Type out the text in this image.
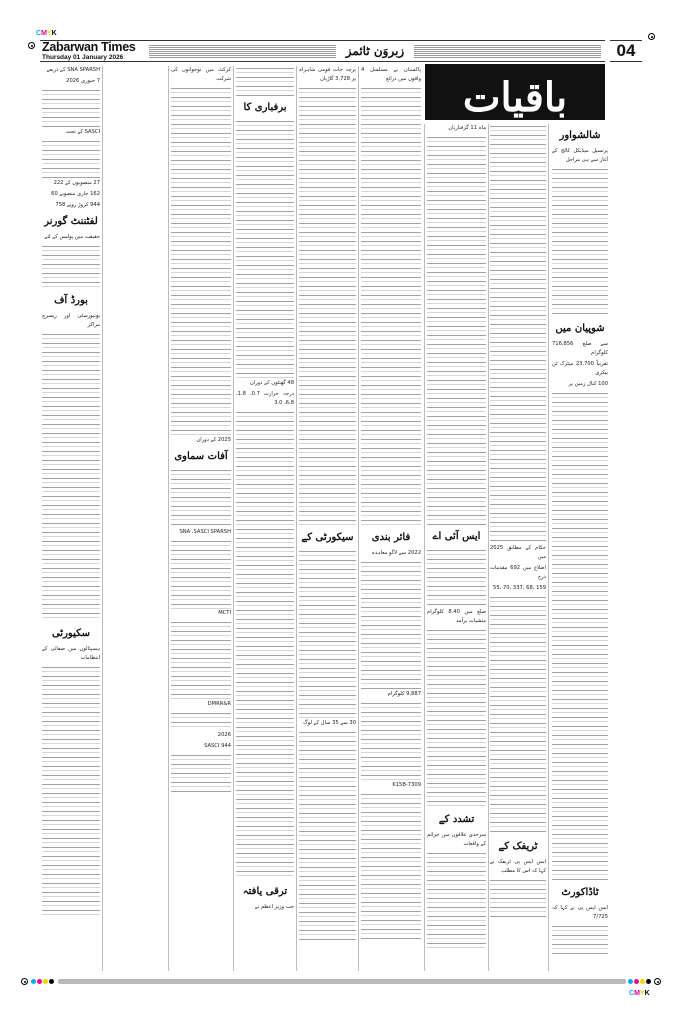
CMYK
Zabarwan Times
Thursday 01 January 2026	زبروَن ٹائمز	04
باقیات
شالشواور

پرنسپل میڈیکل کالج کے آغاز سے ہی مراحل

شوپیان میں

سے ضلع 716,856 کلوگرام

تقریباً 23,700 میٹرک ٹن بیکری

100 کنال زمین پر

ٹاڈاکورٹ

ایس ایس پی نے کہا کہ 7/725

حکام کے مطابق 2025 میں

اضلاع میں 692 مقدمات درج

159 ،68 ،337 ،70 ،55

ٹریفک کے

ایس ایس پی ٹریفک نے کہا کہ اس کا مطلب

ماہ 11 گرفتاریاں

ایس آئی اے

ضلع میں 8.40 کلوگرام منشیات برآمد

تشدد کے

سرحدی علاقوں میں جرائم کے واقعات

پاکستان نے مسلسل 4 واقوں میں ذرائع

فائر بندی

2022 سے لاگو معاہدہ

9,887 کلوگرام

K15B-7309

پرچہ جات قومی شاہراہ پر 3,728 گاڑیاں

سیکورٹی کے

30 سے 35 سال کے لوگ

برفباری کا

48 گھنٹوں کے دوران

درجہ حرارت 0.7، 1.8، 6.8، 3.0

ترقی یافتہ

جب وزیر اعظم نے

کرکٹ میں نوجوانوں کی شرکت

2025 کے دوران

آفات سماوی

SNA ،SASCI SPARSH

MCTI

DMRR&R

2026

SASCI 944

SNA SPARSH کے ذریعے

7 جنوری 2026

SASCI کے تحت

27 منصوبوں کے 222

162 جاری منصوبے 60

944 کروڑ روپے 758

لفٹننٹ گورنر

حقیقت میں پولیس کے لئے

بورڈ آف

یونیورسٹی اور ریسرچ مراکز

سکیورٹی

ہسپتالوں میں صفائی کے انتظامات

CMYK
